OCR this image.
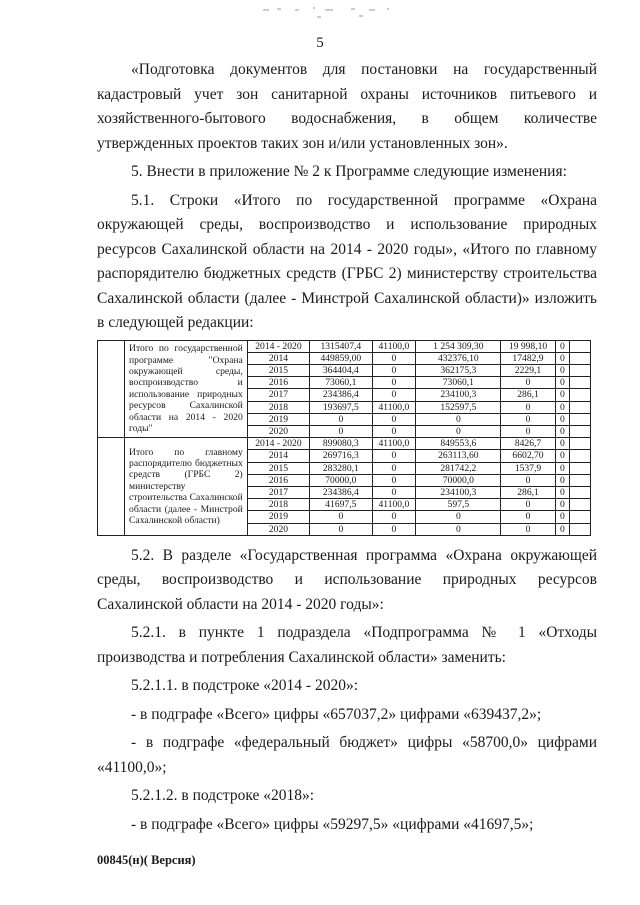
5

«Подготовка документов для постановки на государственный кадастровый учет зон санитарной охраны источников питьевого и хозяйственного-бытового водоснабжения, в общем количестве утвержденных проектов таких зон и/или установленных зон».

5. Внести в приложение № 2 к Программе следующие изменения:

5.1. Строки «Итого по государственной программе «Охрана окружающей среды, воспроизводство и использование природных ресурсов Сахалинской области на 2014 - 2020 годы», «Итого по главному распорядителю бюджетных средств (ГРБС 2) министерству строительства Сахалинской области (далее - Минстрой Сахалинской области)» изложить в следующей редакции:

	Итого по государственной программе "Охрана окружающей среды, воспроизводство и использование природных ресурсов Сахалинской области на 2014 - 2020 годы"	2014 - 2020	1315407,4	41100,0	1 254 309,30	19 998,10	0	
		2014	449859,00	0	432376,10	17482,9	0	
		2015	364404,4	0	362175,3	2229,1	0	
		2016	73060,1	0	73060,1	0	0	
		2017	234386,4	0	234100,3	286,1	0	
		2018	193697,5	41100,0	152597,5	0	0	
		2019	0	0	0	0	0	
		2020	0	0	0	0	0	
	Итого по главному распорядителю бюджетных средств (ГРБС 2) министерству строительства Сахалинской области (далее - Минстрой Сахалинской области)	2014 - 2020	899080,3	41100,0	849553,6	8426,7	0	
		2014	269716,3	0	263113,60	6602,70	0	
		2015	283280,1	0	281742,2	1537,9	0	
		2016	70000,0	0	70000,0	0	0	
		2017	234386,4	0	234100,3	286,1	0	
		2018	41697,5	41100,0	597,5	0	0	
		2019	0	0	0	0	0	
		2020	0	0	0	0	0	

5.2. В разделе «Государственная программа «Охрана окружающей среды, воспроизводство и использование природных ресурсов Сахалинской области на 2014 - 2020 годы»:

5.2.1. в пункте 1 подраздела «Подпрограмма № 1 «Отходы производства и потребления Сахалинской области» заменить:

5.2.1.1. в подстроке «2014 - 2020»:

- в подграфе «Всего» цифры «657037,2» цифрами «639437,2»;

- в подграфе «федеральный бюджет» цифры «58700,0» цифрами «41100,0»;

5.2.1.2. в подстроке «2018»:

- в подграфе «Всего» цифры «59297,5» «цифрами «41697,5»;

00845(н)( Версия)
